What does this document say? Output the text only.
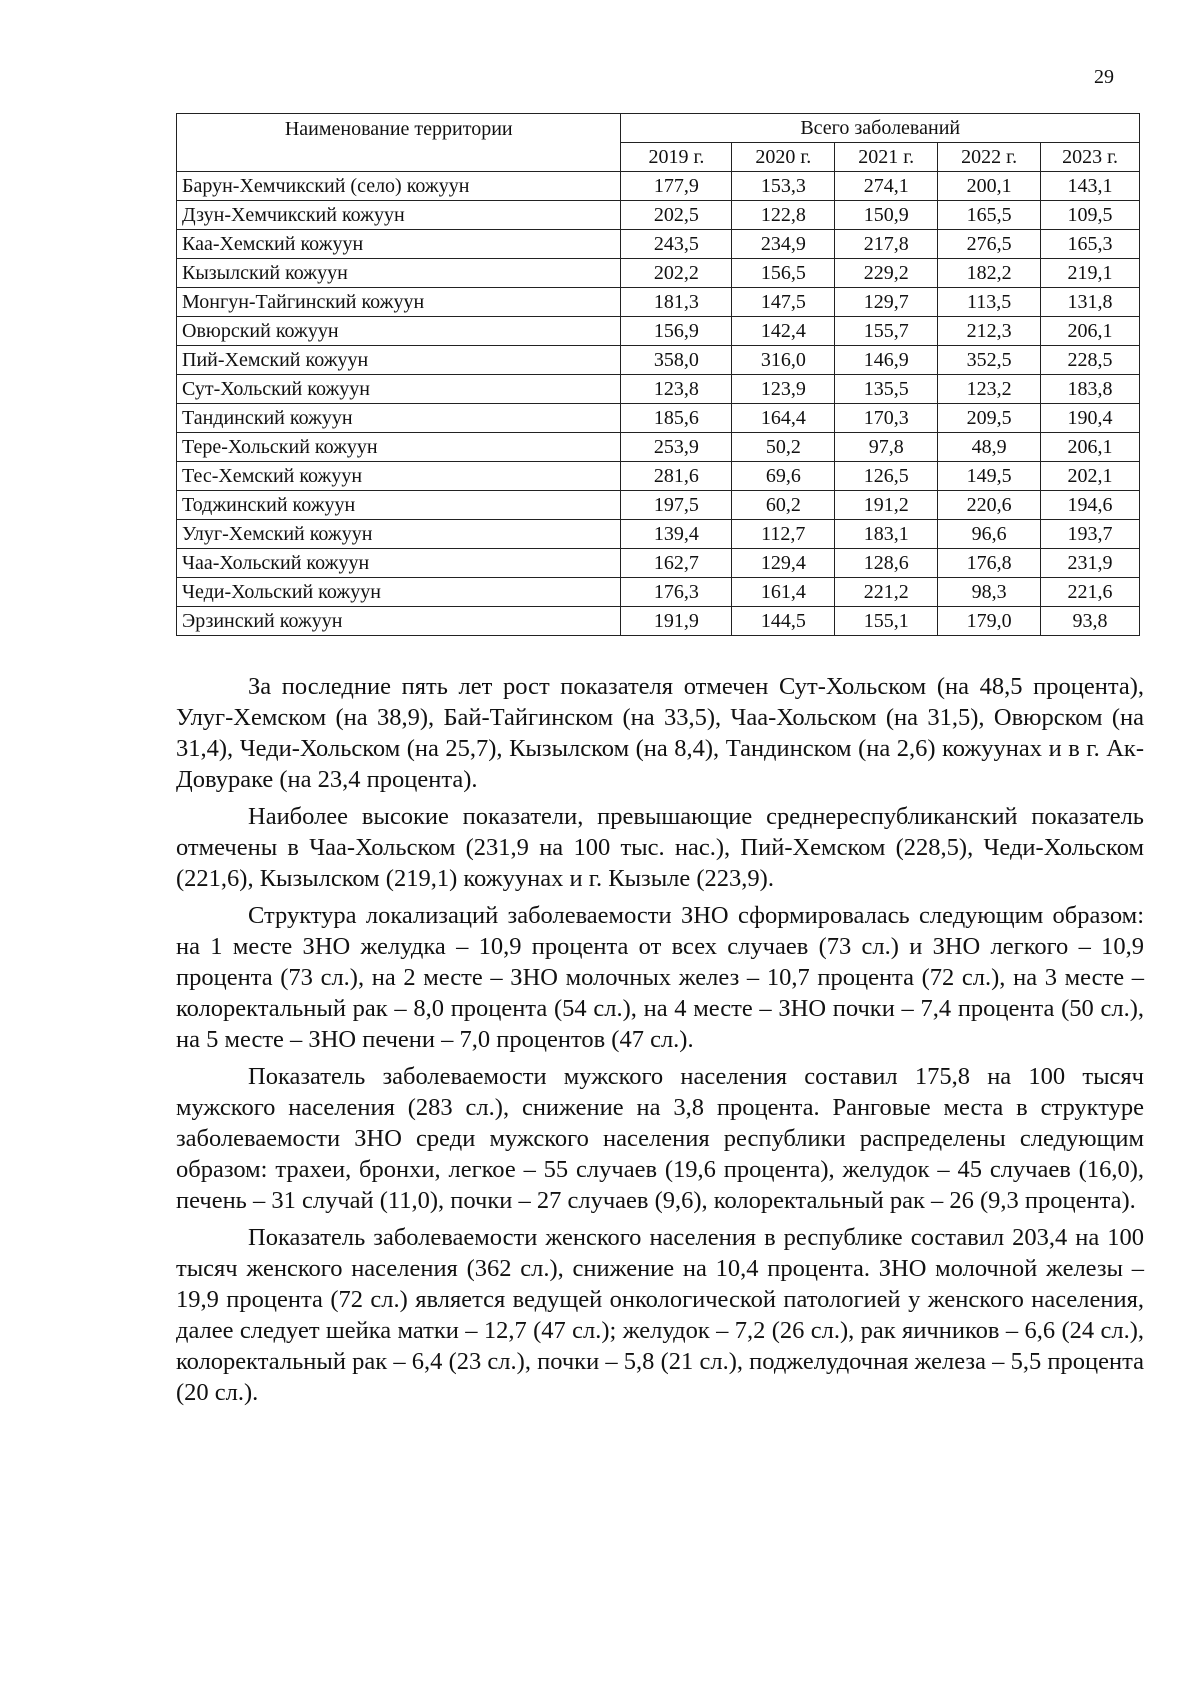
29
Наименование территории	Всего заболеваний				
	2019 г.	2020 г.	2021 г.	2022 г.	2023 г.
Барун-Хемчикский (село) кожуун	177,9	153,3	274,1	200,1	143,1
Дзун-Хемчикский кожуун	202,5	122,8	150,9	165,5	109,5
Каа-Хемский кожуун	243,5	234,9	217,8	276,5	165,3
Кызылский кожуун	202,2	156,5	229,2	182,2	219,1
Монгун-Тайгинский кожуун	181,3	147,5	129,7	113,5	131,8
Овюрский кожуун	156,9	142,4	155,7	212,3	206,1
Пий-Хемский кожуун	358,0	316,0	146,9	352,5	228,5
Сут-Хольский кожуун	123,8	123,9	135,5	123,2	183,8
Тандинский кожуун	185,6	164,4	170,3	209,5	190,4
Тере-Хольский кожуун	253,9	50,2	97,8	48,9	206,1
Тес-Хемский кожуун	281,6	69,6	126,5	149,5	202,1
Тоджинский кожуун	197,5	60,2	191,2	220,6	194,6
Улуг-Хемский кожуун	139,4	112,7	183,1	96,6	193,7
Чаа-Хольский кожуун	162,7	129,4	128,6	176,8	231,9
Чеди-Хольский кожуун	176,3	161,4	221,2	98,3	221,6
Эрзинский кожуун	191,9	144,5	155,1	179,0	93,8

За последние пять лет рост показателя отмечен Сут-Хольском (на 48,5 процента), Улуг-Хемском (на 38,9), Бай-Тайгинском (на 33,5), Чаа-Хольском (на 31,5), Овюрском (на 31,4), Чеди-Хольском (на 25,7), Кызылском (на 8,4), Тандинском (на 2,6) кожуунах и в г. Ак-Довураке (на 23,4 процента).

Наиболее высокие показатели, превышающие среднереспубликанский показатель отмечены в Чаа-Хольском (231,9 на 100 тыс. нас.), Пий-Хемском (228,5), Чеди-Хольском (221,6), Кызылском (219,1) кожуунах и г. Кызыле (223,9).

Структура локализаций заболеваемости ЗНО сформировалась следующим образом: на 1 месте ЗНО желудка – 10,9 процента от всех случаев (73 сл.) и ЗНО легкого – 10,9 процента (73 сл.), на 2 месте – ЗНО молочных желез – 10,7 процента (72 сл.), на 3 месте – колоректальный рак – 8,0 процента (54 сл.), на 4 месте – ЗНО почки – 7,4 процента (50 сл.), на 5 месте – ЗНО печени – 7,0 процентов (47 сл.).

Показатель заболеваемости мужского населения составил 175,8 на 100 тысяч мужского населения (283 сл.), снижение на 3,8 процента. Ранговые места в структуре заболеваемости ЗНО среди мужского населения республики распределены следующим образом: трахеи, бронхи, легкое – 55 случаев (19,6 процента), желудок – 45 случаев (16,0), печень – 31 случай (11,0), почки – 27 случаев (9,6), колоректальный рак – 26 (9,3 процента).

Показатель заболеваемости женского населения в республике составил 203,4 на 100 тысяч женского населения (362 сл.), снижение на 10,4 процента. ЗНО молочной железы – 19,9 процента (72 сл.) является ведущей онкологической патологией у женского населения, далее следует шейка матки – 12,7 (47 сл.); желудок – 7,2 (26 сл.), рак яичников – 6,6 (24 сл.), колоректальный рак – 6,4 (23 сл.), почки – 5,8 (21 сл.), поджелудочная железа – 5,5 процента (20 сл.).
